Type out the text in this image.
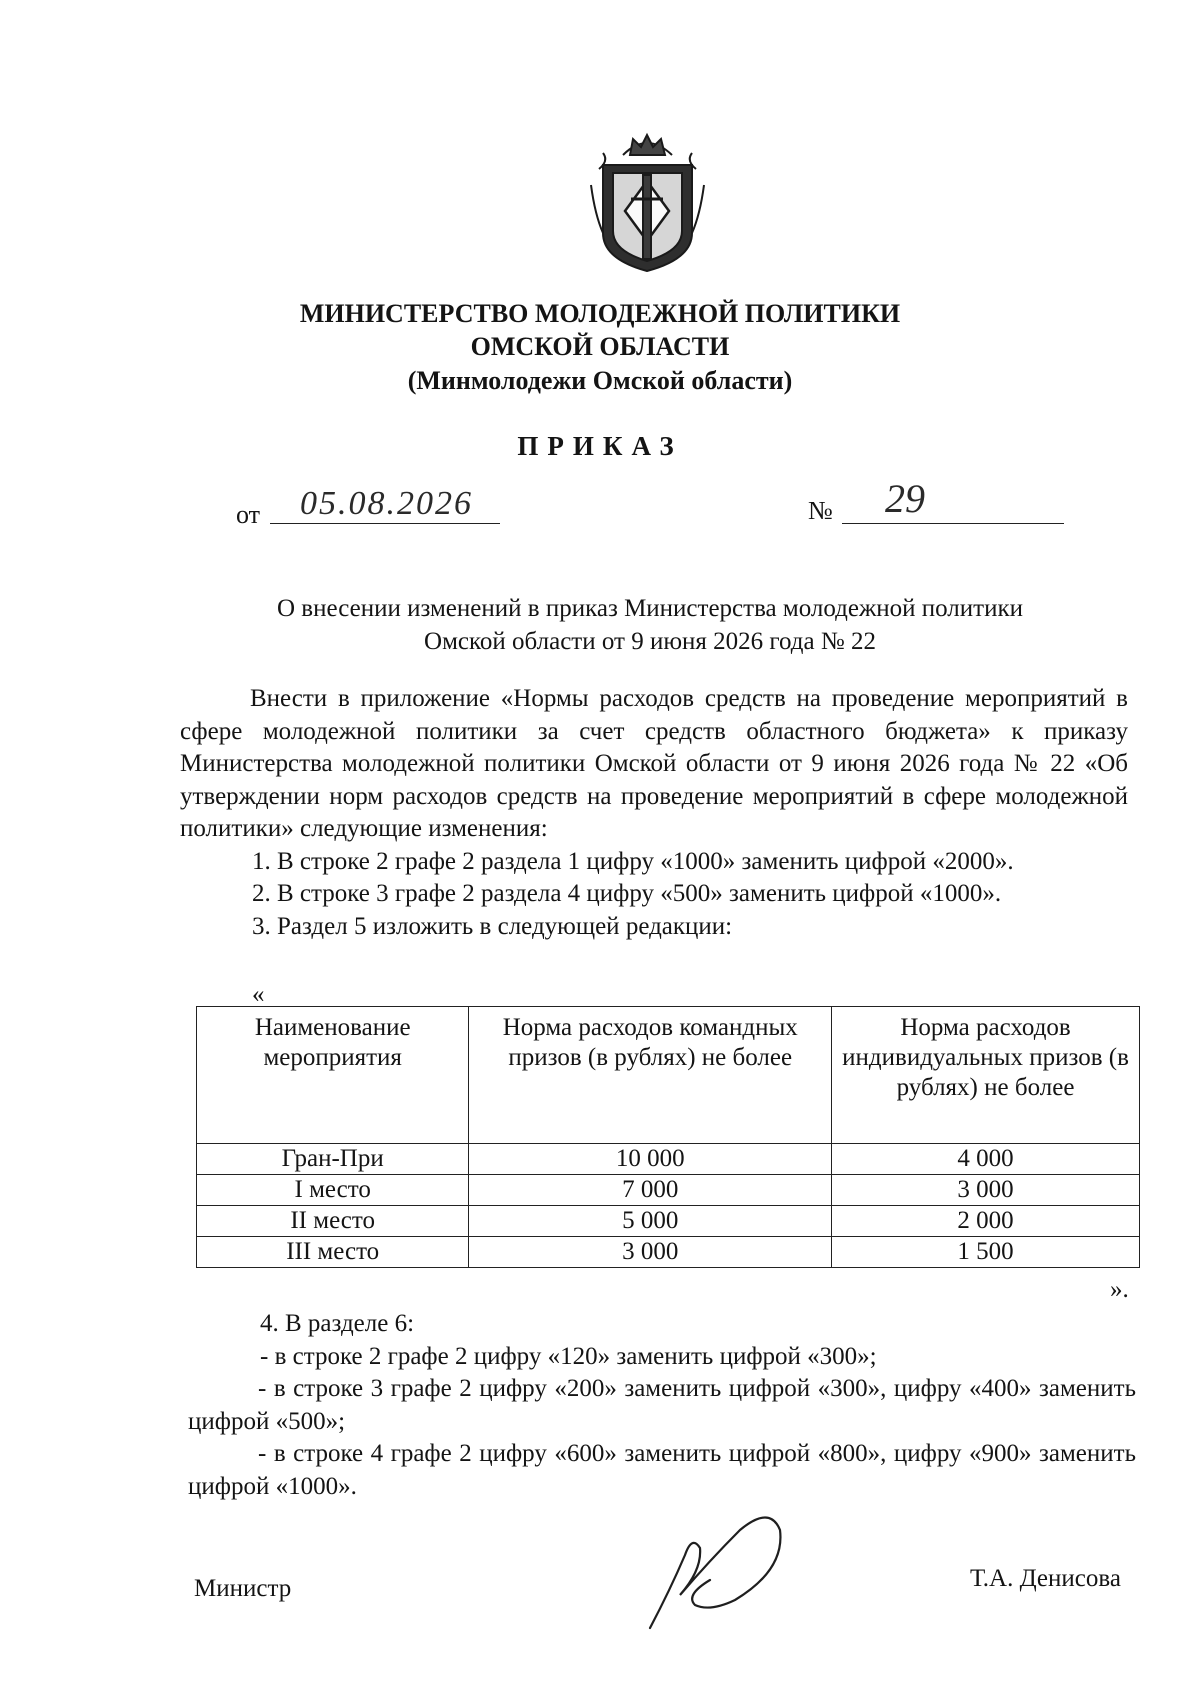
МИНИСТЕРСТВО МОЛОДЕЖНОЙ ПОЛИТИКИ

ОМСКОЙ ОБЛАСТИ

(Минмолодежи Омской области)

ПРИКАЗ
от 05.08.2026	№ 29
О внесении изменений в приказ Министерства молодежной политики
Омской области от 9 июня 2026 года № 22

Внести в приложение «Нормы расходов средств на проведение мероприятий в сфере молодежной политики за счет средств областного бюджета» к приказу Министерства молодежной политики Омской области от 9 июня 2026 года № 22 «Об утверждении норм расходов средств на проведение мероприятий в сфере молодежной политики» следующие изменения:

1. В строке 2 графе 2 раздела 1 цифру «1000» заменить цифрой «2000».

2. В строке 3 графе 2 раздела 4 цифру «500» заменить цифрой «1000».

3. Раздел 5 изложить в следующей редакции:

«
Наименование мероприятия	Норма расходов командных призов (в рублях) не более	Норма расходов индивидуальных призов (в рублях) не более
Гран-При	10 000	4 000
I место	7 000	3 000
II место	5 000	2 000
III место	3 000	1 500
».

4. В разделе 6:

- в строке 2 графе 2 цифру «120» заменить цифрой «300»;

- в строке 3 графе 2 цифру «200» заменить цифрой «300», цифру «400» заменить цифрой «500»;

- в строке 4 графе 2 цифру «600» заменить цифрой «800», цифру «900» заменить цифрой «1000».

Министр	Т.А. Денисова
